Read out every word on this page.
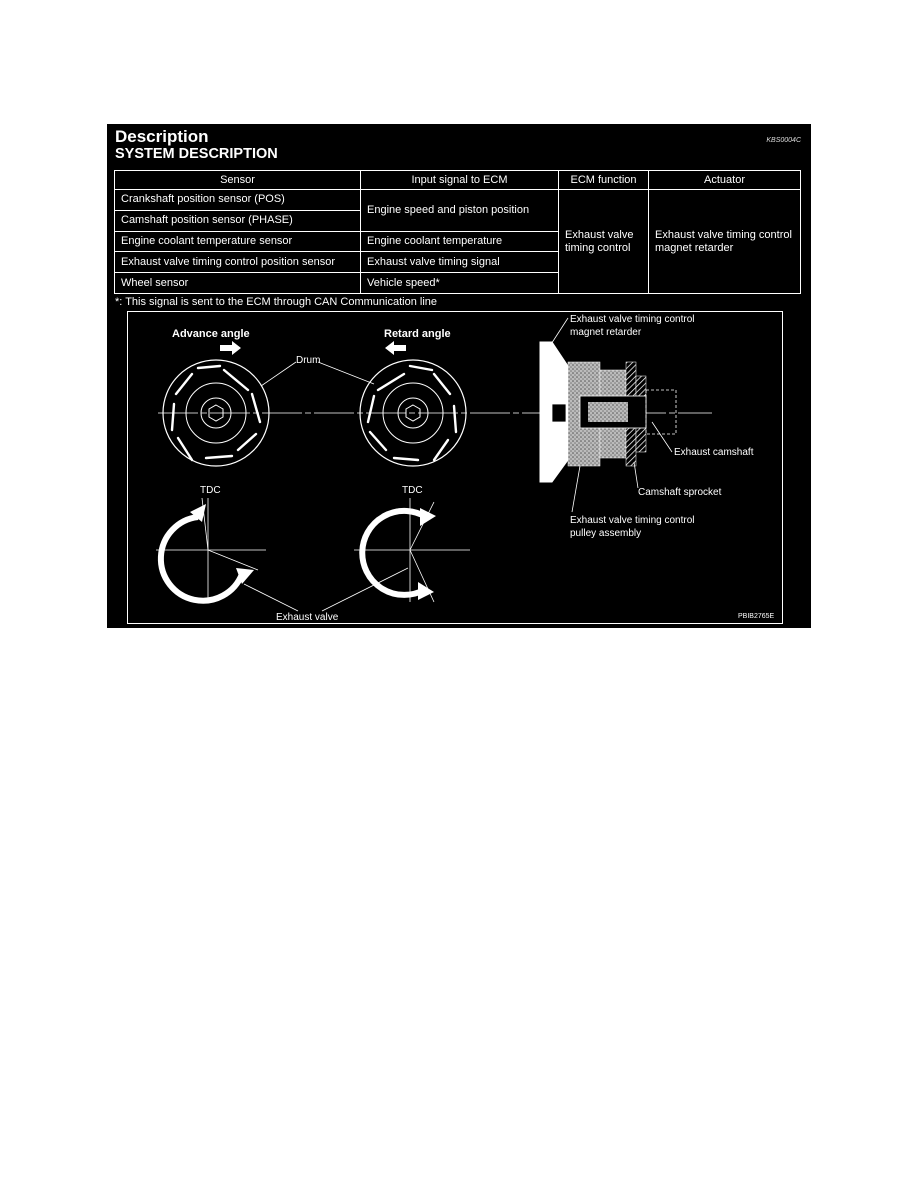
Description
SYSTEM DESCRIPTION
KBS0004C
Sensor	Input signal to ECM	ECM function	Actuator
Crankshaft position sensor (POS)	Engine speed and piston position	Exhaust valve timing control	Exhaust valve timing control magnet retarder
Camshaft position sensor (PHASE)			
Engine coolant temperature sensor	Engine coolant temperature		
Exhaust valve timing control position sensor	Exhaust valve timing signal		
Wheel sensor	Vehicle speed*		
*: This signal is sent to the ECM through CAN Communication line
Advance angle	Retard angle
Drum
TDC	TDC
Exhaust valve
Exhaust valve timing control
magnet retarder
Exhaust camshaft
Camshaft sprocket
Exhaust valve timing control
pulley assembly
PBIB2765E
